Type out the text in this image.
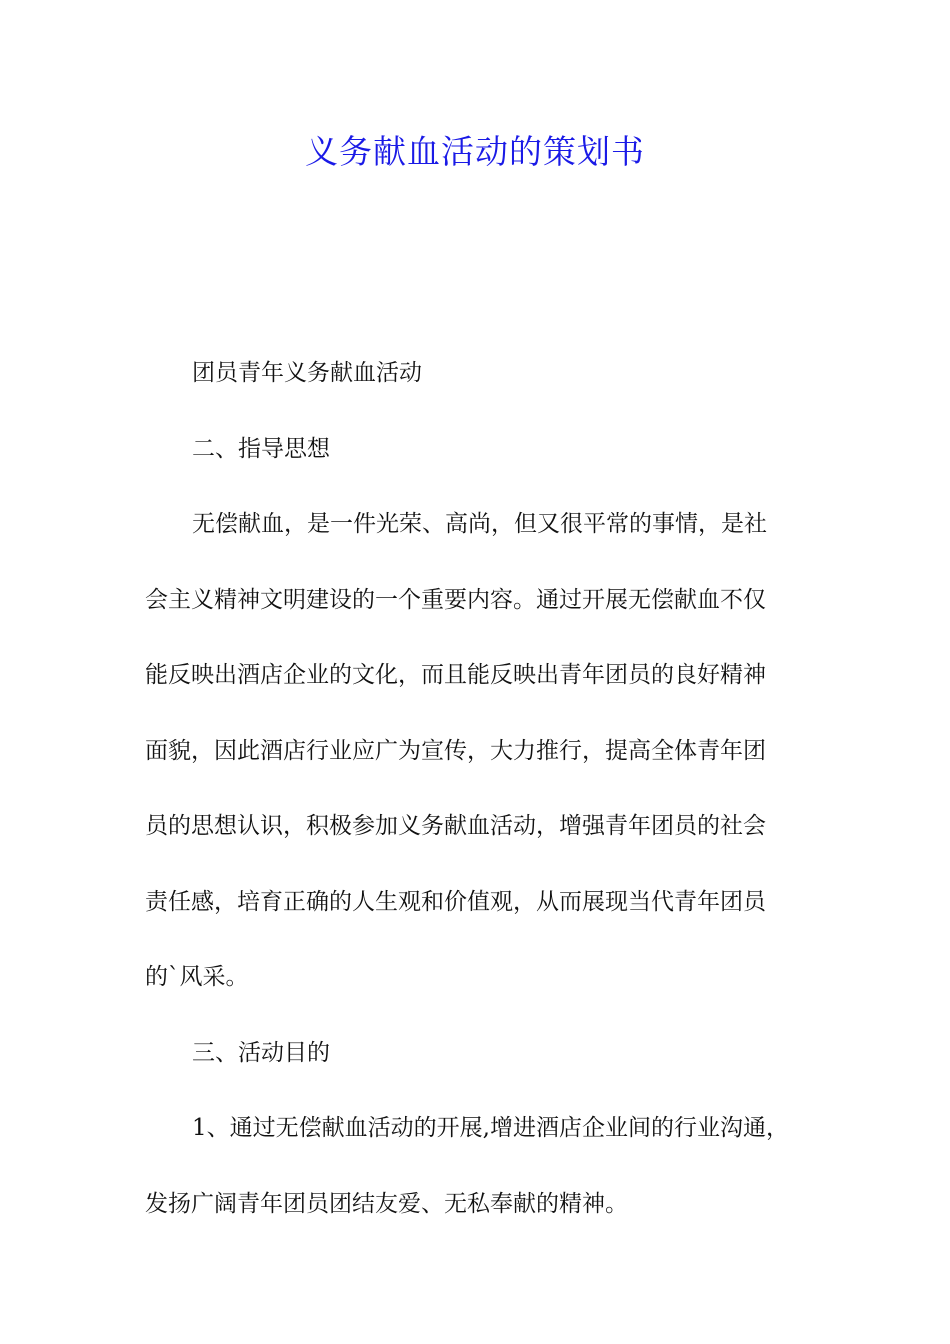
义务献血活动的策划书

团员青年义务献血活动

二、指导思想

无偿献血，是一件光荣、高尚，但又很平常的事情，是社
会主义精神文明建设的一个重要内容。通过开展无偿献血不仅
能反映出酒店企业的文化，而且能反映出青年团员的良好精神
面貌，因此酒店行业应广为宣传，大力推行，提高全体青年团
员的思想认识，积极参加义务献血活动，增强青年团员的社会
责任感，培育正确的人生观和价值观，从而展现当代青年团员
的`风采。

三、活动目的

1、通过无偿献血活动的开展,增进酒店企业间的行业沟通，
发扬广阔青年团员团结友爱、无私奉献的精神。
